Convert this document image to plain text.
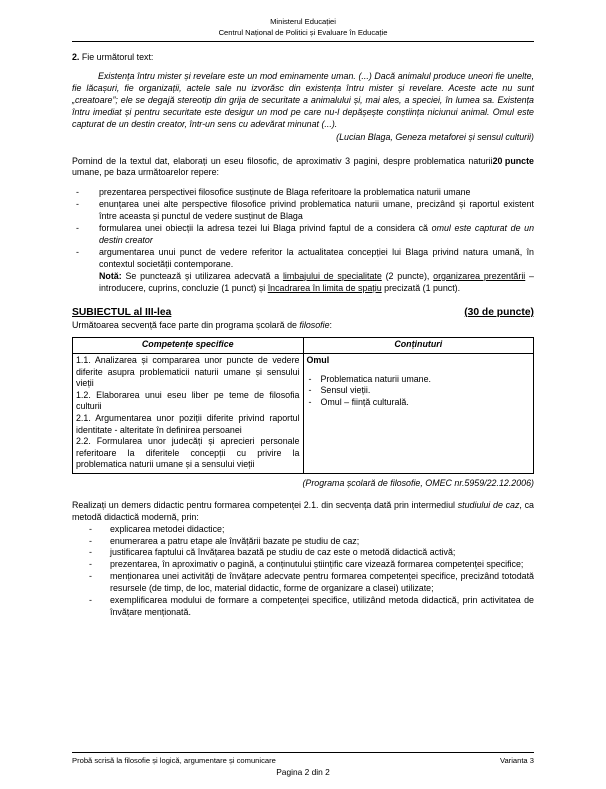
Ministerul Educației
Centrul Național de Politici și Evaluare în Educație
2. Fie următorul text:
Existența întru mister și revelare este un mod eminamente uman. (...) Dacă animalul produce uneori fie unelte, fie lăcașuri, fie organizații, actele sale nu izvorăsc din existența întru mister și revelare. Aceste acte nu sunt „creatoare”; ele se degajă stereotip din grija de securitate a animalului și, mai ales, a speciei, în lumea sa. Existența întru imediat și pentru securitate este desigur un mod pe care nu-l depășește conștiința niciunui animal. Omul este capturat de un destin creator, într-un sens cu adevărat minunat (...).
(Lucian Blaga, Geneza metaforei și sensul culturii)
20 puncte
Pornind de la textul dat, elaborați un eseu filosofic, de aproximativ 3 pagini, despre problematica naturii umane, pe baza următoarelor repere:
- prezentarea perspectivei filosofice susținute de Blaga referitoare la problematica naturii umane
- enunțarea unei alte perspective filosofice privind problematica naturii umane, precizând și raportul existent între aceasta și punctul de vedere susținut de Blaga
- formularea unei obiecții la adresa tezei lui Blaga privind faptul de a considera că omul este capturat de un destin creator
- argumentarea unui punct de vedere referitor la actualitatea concepției lui Blaga privind natura umană, în contextul societății contemporane.
Notă: Se punctează și utilizarea adecvată a limbajului de specialitate (2 puncte), organizarea prezentării – introducere, cuprins, concluzie (1 punct) și încadrarea în limita de spațiu precizată (1 punct).
SUBIECTUL al III-lea	(30 de puncte)
Următoarea secvență face parte din programa școlară de filosofie:
Competențe specifice	Conținuturi

1.1. Analizarea și compararea unor puncte de vedere diferite asupra problematicii naturii umane și sensului vieții
1.2. Elaborarea unui eseu liber pe teme de filosofia culturii
2.1. Argumentarea unor poziții diferite privind raportul identitate - alteritate în definirea persoanei
2.2. Formularea unor judecăți și aprecieri personale referitoare la diferitele concepții cu privire la problematica naturii umane și a sensului vieții

Omul
- Problematica naturii umane.
- Sensul vieții.
- Omul – ființă culturală.
(Programa școlară de filosofie, OMEC nr.5959/22.12.2006)
Realizați un demers didactic pentru formarea competenței 2.1. din secvența dată prin intermediul studiului de caz, ca metodă didactică modernă, prin:
- explicarea metodei didactice;
- enumerarea a patru etape ale învățării bazate pe studiu de caz;
- justificarea faptului că învățarea bazată pe studiu de caz este o metodă didactică activă;
- prezentarea, în aproximativ o pagină, a conținutului științific care vizează formarea competenței specifice;
- menționarea unei activități de învățare adecvate pentru formarea competenței specifice, precizând totodată resursele (de timp, de loc, material didactic, forme de organizare a clasei) utilizate;
- exemplificarea modului de formare a competenței specifice, utilizând metoda didactică, prin activitatea de învățare menționată.
Probă scrisă la filosofie și logică, argumentare și comunicare	Varianta 3
Pagina 2 din 2
